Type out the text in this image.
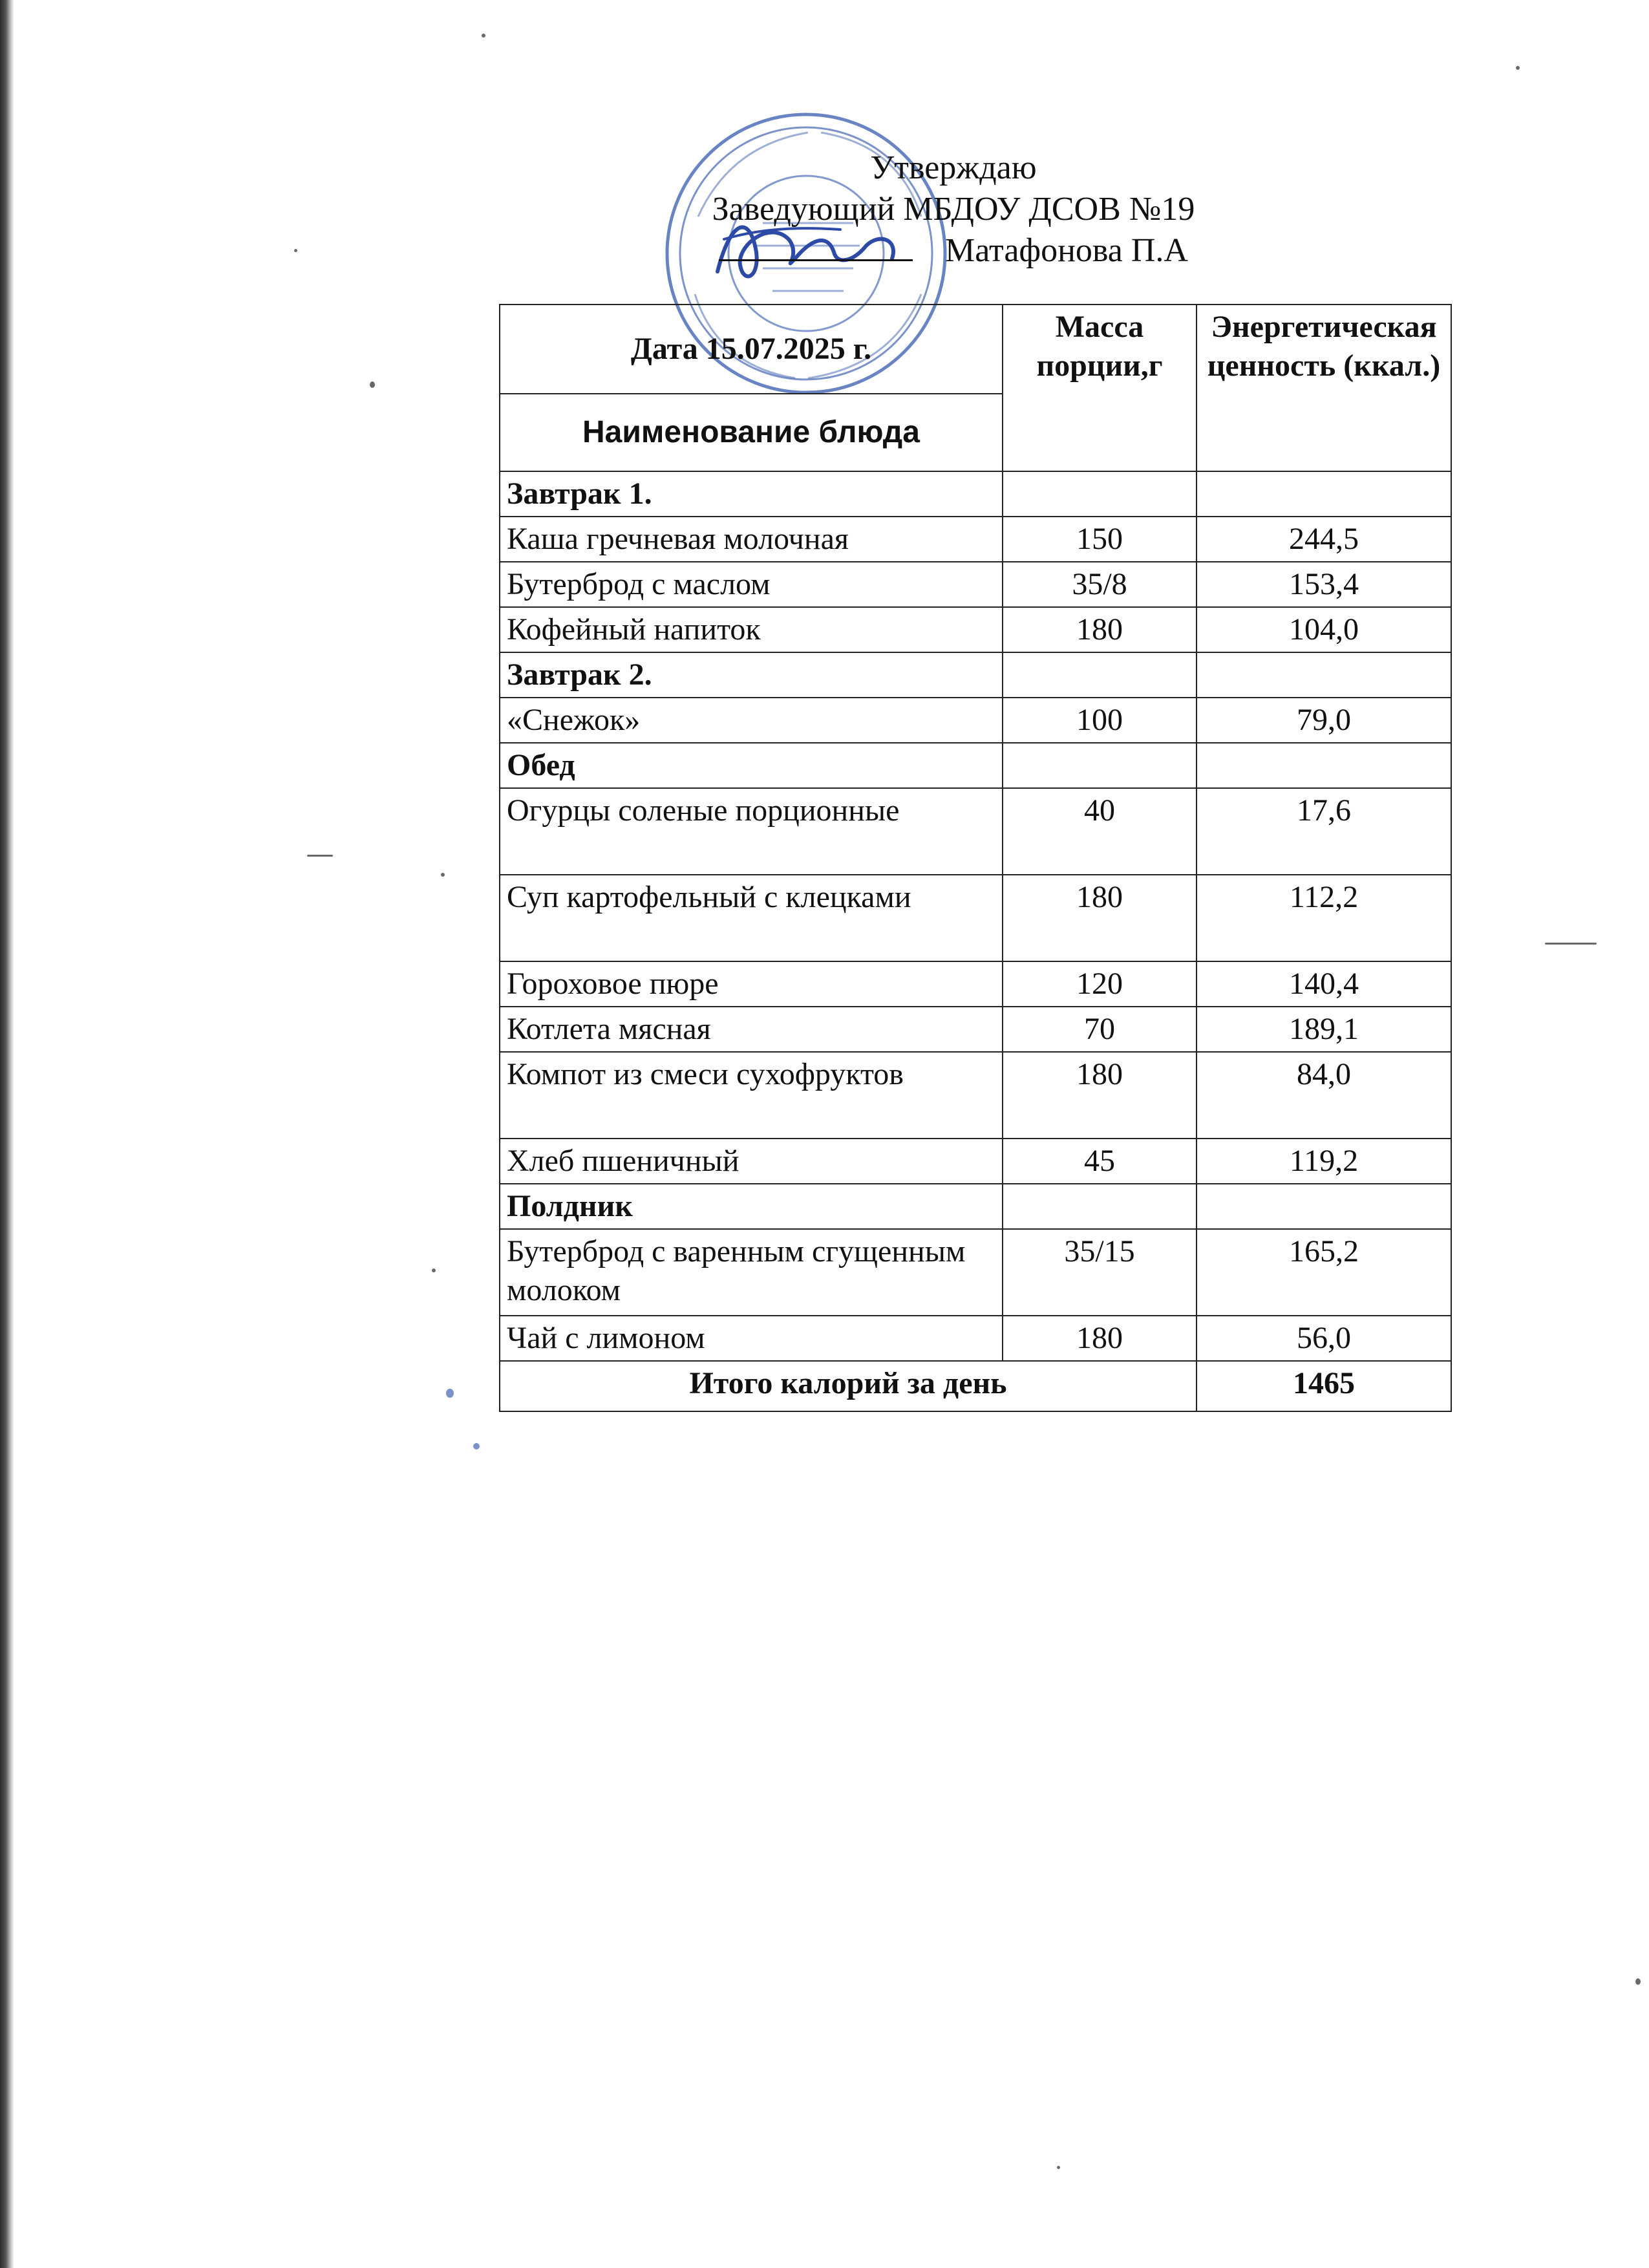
Утверждаю
Заведующий МБДОУ ДСОВ №19
Матафонова П.А
Дата 15.07.2025 г.	Масса порции,г	Энергетическая ценность (ккал.)
Наименование блюда		
Завтрак 1.		
Каша гречневая молочная	150	244,5
Бутерброд с маслом	35/8	153,4
Кофейный напиток	180	104,0
Завтрак 2.		
«Снежок»	100	79,0
Обед		
Огурцы соленые порционные	40	17,6
Суп картофельный с клецками	180	112,2
Гороховое пюре	120	140,4
Котлета мясная	70	189,1
Компот из смеси сухофруктов	180	84,0
Хлеб пшеничный	45	119,2
Полдник		
Бутерброд с варенным сгущенным молоком	35/15	165,2
Чай с лимоном	180	56,0
Итого калорий за день		1465
